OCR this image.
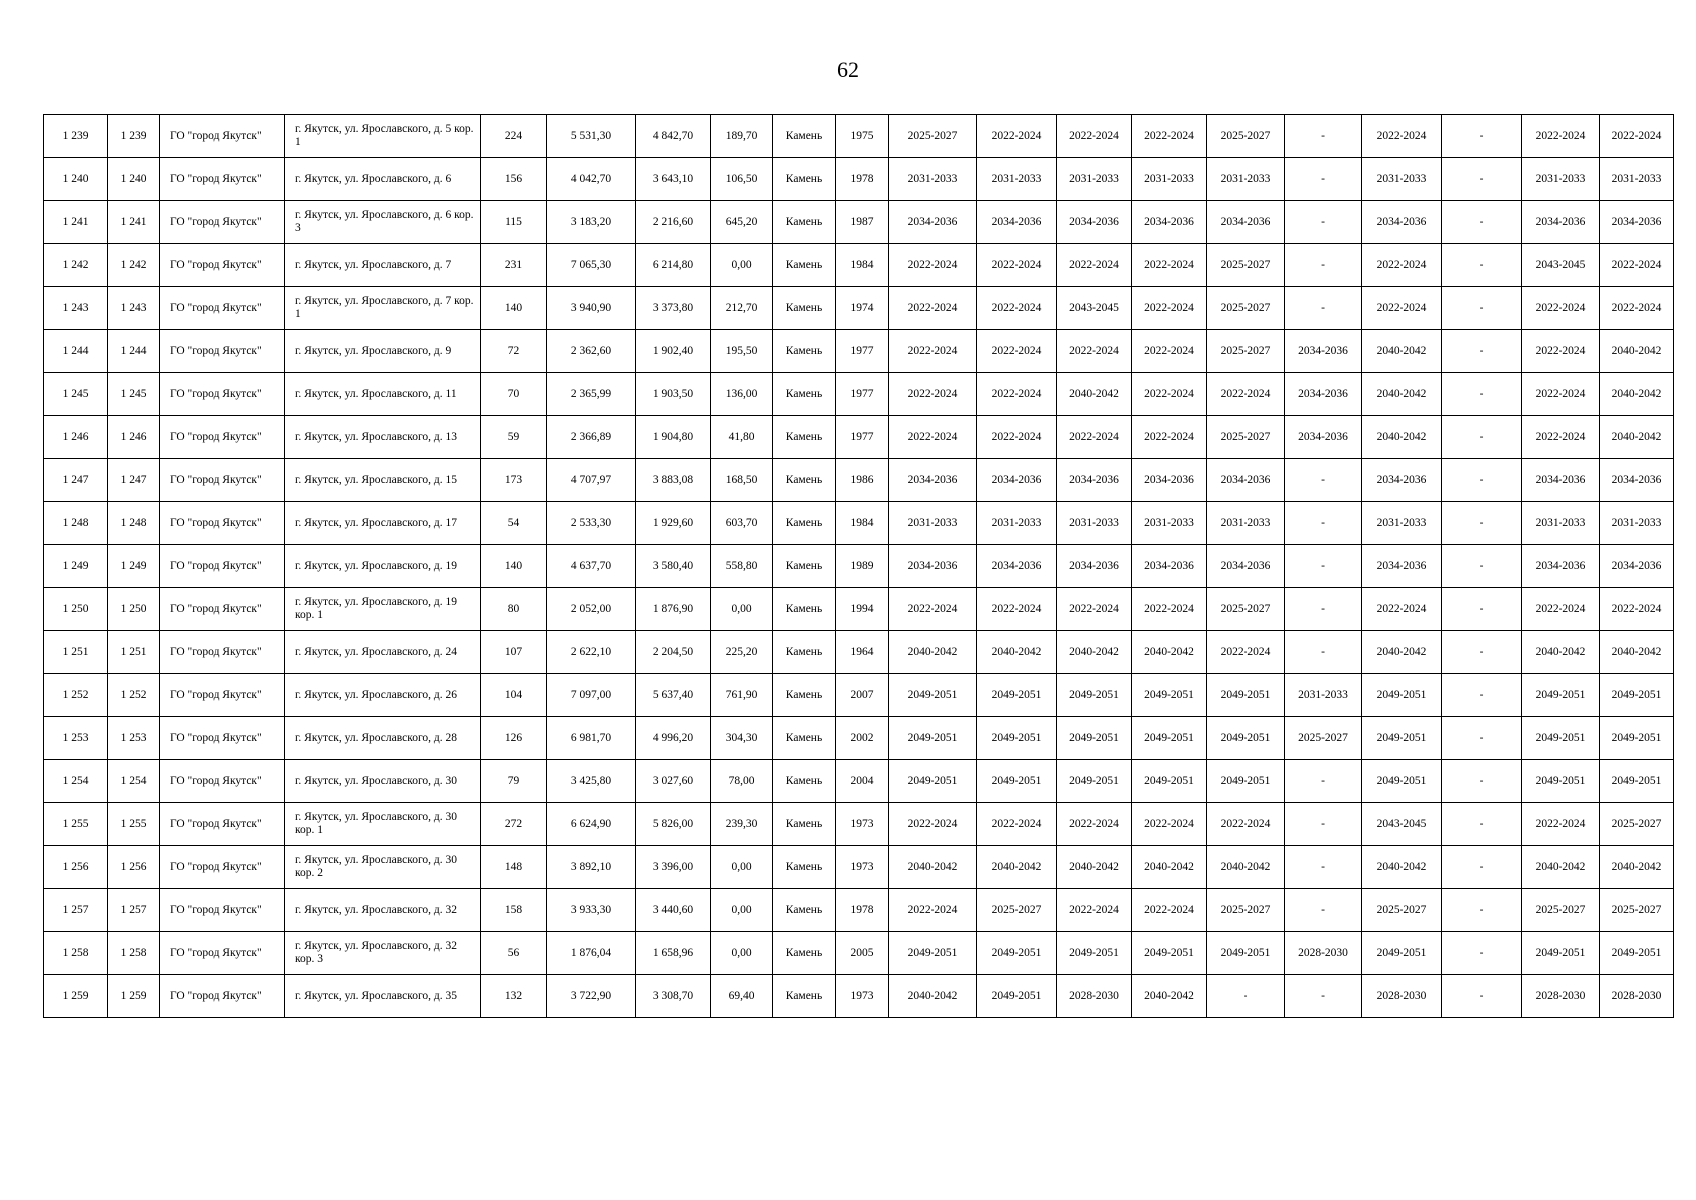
62
1 239	1 239	ГО "город Якутск"	г. Якутск, ул. Ярославского, д. 5 кор. 1	224	5 531,30	4 842,70	189,70	Камень	1975	2025-2027	2022-2024	2022-2024	2022-2024	2025-2027	-	2022-2024	-	2022-2024	2022-2024
1 240	1 240	ГО "город Якутск"	г. Якутск, ул. Ярославского, д. 6	156	4 042,70	3 643,10	106,50	Камень	1978	2031-2033	2031-2033	2031-2033	2031-2033	2031-2033	-	2031-2033	-	2031-2033	2031-2033
1 241	1 241	ГО "город Якутск"	г. Якутск, ул. Ярославского, д. 6 кор. 3	115	3 183,20	2 216,60	645,20	Камень	1987	2034-2036	2034-2036	2034-2036	2034-2036	2034-2036	-	2034-2036	-	2034-2036	2034-2036
1 242	1 242	ГО "город Якутск"	г. Якутск, ул. Ярославского, д. 7	231	7 065,30	6 214,80	0,00	Камень	1984	2022-2024	2022-2024	2022-2024	2022-2024	2025-2027	-	2022-2024	-	2043-2045	2022-2024
1 243	1 243	ГО "город Якутск"	г. Якутск, ул. Ярославского, д. 7 кор. 1	140	3 940,90	3 373,80	212,70	Камень	1974	2022-2024	2022-2024	2043-2045	2022-2024	2025-2027	-	2022-2024	-	2022-2024	2022-2024
1 244	1 244	ГО "город Якутск"	г. Якутск, ул. Ярославского, д. 9	72	2 362,60	1 902,40	195,50	Камень	1977	2022-2024	2022-2024	2022-2024	2022-2024	2025-2027	2034-2036	2040-2042	-	2022-2024	2040-2042
1 245	1 245	ГО "город Якутск"	г. Якутск, ул. Ярославского, д. 11	70	2 365,99	1 903,50	136,00	Камень	1977	2022-2024	2022-2024	2040-2042	2022-2024	2022-2024	2034-2036	2040-2042	-	2022-2024	2040-2042
1 246	1 246	ГО "город Якутск"	г. Якутск, ул. Ярославского, д. 13	59	2 366,89	1 904,80	41,80	Камень	1977	2022-2024	2022-2024	2022-2024	2022-2024	2025-2027	2034-2036	2040-2042	-	2022-2024	2040-2042
1 247	1 247	ГО "город Якутск"	г. Якутск, ул. Ярославского, д. 15	173	4 707,97	3 883,08	168,50	Камень	1986	2034-2036	2034-2036	2034-2036	2034-2036	2034-2036	-	2034-2036	-	2034-2036	2034-2036
1 248	1 248	ГО "город Якутск"	г. Якутск, ул. Ярославского, д. 17	54	2 533,30	1 929,60	603,70	Камень	1984	2031-2033	2031-2033	2031-2033	2031-2033	2031-2033	-	2031-2033	-	2031-2033	2031-2033
1 249	1 249	ГО "город Якутск"	г. Якутск, ул. Ярославского, д. 19	140	4 637,70	3 580,40	558,80	Камень	1989	2034-2036	2034-2036	2034-2036	2034-2036	2034-2036	-	2034-2036	-	2034-2036	2034-2036
1 250	1 250	ГО "город Якутск"	г. Якутск, ул. Ярославского, д. 19 кор. 1	80	2 052,00	1 876,90	0,00	Камень	1994	2022-2024	2022-2024	2022-2024	2022-2024	2025-2027	-	2022-2024	-	2022-2024	2022-2024
1 251	1 251	ГО "город Якутск"	г. Якутск, ул. Ярославского, д. 24	107	2 622,10	2 204,50	225,20	Камень	1964	2040-2042	2040-2042	2040-2042	2040-2042	2022-2024	-	2040-2042	-	2040-2042	2040-2042
1 252	1 252	ГО "город Якутск"	г. Якутск, ул. Ярославского, д. 26	104	7 097,00	5 637,40	761,90	Камень	2007	2049-2051	2049-2051	2049-2051	2049-2051	2049-2051	2031-2033	2049-2051	-	2049-2051	2049-2051
1 253	1 253	ГО "город Якутск"	г. Якутск, ул. Ярославского, д. 28	126	6 981,70	4 996,20	304,30	Камень	2002	2049-2051	2049-2051	2049-2051	2049-2051	2049-2051	2025-2027	2049-2051	-	2049-2051	2049-2051
1 254	1 254	ГО "город Якутск"	г. Якутск, ул. Ярославского, д. 30	79	3 425,80	3 027,60	78,00	Камень	2004	2049-2051	2049-2051	2049-2051	2049-2051	2049-2051	-	2049-2051	-	2049-2051	2049-2051
1 255	1 255	ГО "город Якутск"	г. Якутск, ул. Ярославского, д. 30 кор. 1	272	6 624,90	5 826,00	239,30	Камень	1973	2022-2024	2022-2024	2022-2024	2022-2024	2022-2024	-	2043-2045	-	2022-2024	2025-2027
1 256	1 256	ГО "город Якутск"	г. Якутск, ул. Ярославского, д. 30 кор. 2	148	3 892,10	3 396,00	0,00	Камень	1973	2040-2042	2040-2042	2040-2042	2040-2042	2040-2042	-	2040-2042	-	2040-2042	2040-2042
1 257	1 257	ГО "город Якутск"	г. Якутск, ул. Ярославского, д. 32	158	3 933,30	3 440,60	0,00	Камень	1978	2022-2024	2025-2027	2022-2024	2022-2024	2025-2027	-	2025-2027	-	2025-2027	2025-2027
1 258	1 258	ГО "город Якутск"	г. Якутск, ул. Ярославского, д. 32 кор. 3	56	1 876,04	1 658,96	0,00	Камень	2005	2049-2051	2049-2051	2049-2051	2049-2051	2049-2051	2028-2030	2049-2051	-	2049-2051	2049-2051
1 259	1 259	ГО "город Якутск"	г. Якутск, ул. Ярославского, д. 35	132	3 722,90	3 308,70	69,40	Камень	1973	2040-2042	2049-2051	2028-2030	2040-2042	-	-	2028-2030	-	2028-2030	2028-2030
